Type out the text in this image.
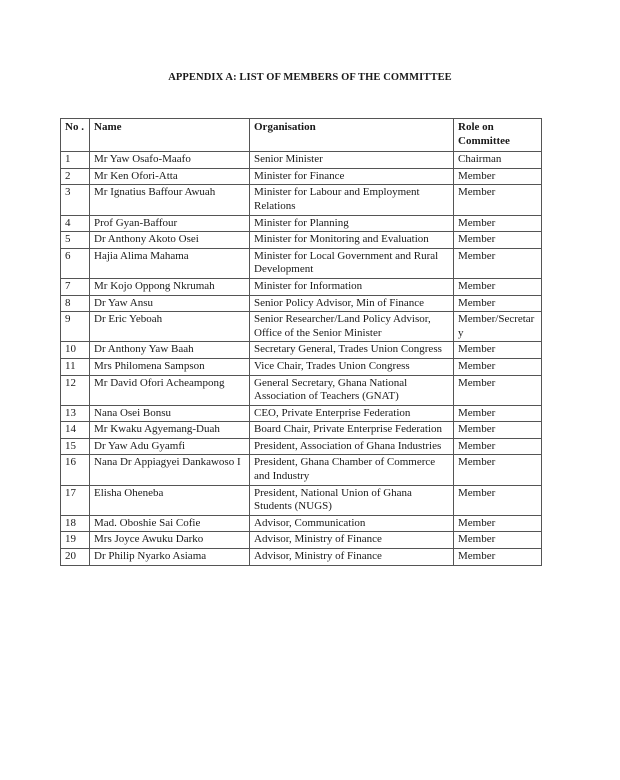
APPENDIX A: LIST OF MEMBERS OF THE COMMITTEE
No .	Name	Organisation	Role on Committee
1	Mr Yaw Osafo-Maafo	Senior Minister	Chairman
2	Mr Ken Ofori-Atta	Minister for Finance	Member
3	Mr Ignatius Baffour Awuah	Minister for Labour and Employment Relations	Member
4	Prof Gyan-Baffour	Minister for Planning	Member
5	Dr Anthony Akoto Osei	Minister for Monitoring and Evaluation	Member
6	Hajia Alima Mahama	Minister for Local Government and Rural Development	Member
7	Mr Kojo Oppong Nkrumah	Minister for Information	Member
8	Dr Yaw Ansu	Senior Policy Advisor, Min of Finance	Member
9	Dr Eric Yeboah	Senior Researcher/Land Policy Advisor, Office of the Senior Minister	Member/Secretary
10	Dr Anthony Yaw Baah	Secretary General, Trades Union Congress	Member
11	Mrs Philomena Sampson	Vice Chair, Trades Union Congress	Member
12	Mr David Ofori Acheampong	General Secretary, Ghana National Association of Teachers (GNAT)	Member
13	Nana Osei Bonsu	CEO, Private Enterprise Federation	Member
14	Mr Kwaku Agyemang-Duah	Board Chair, Private Enterprise Federation	Member
15	Dr Yaw Adu Gyamfi	President, Association of Ghana Industries	Member
16	Nana Dr Appiagyei Dankawoso I	President, Ghana Chamber of Commerce and Industry	Member
17	Elisha Oheneba	President, National Union of Ghana Students (NUGS)	Member
18	Mad. Oboshie Sai Cofie	Advisor, Communication	Member
19	Mrs Joyce Awuku Darko	Advisor, Ministry of Finance	Member
20	Dr Philip Nyarko Asiama	Advisor, Ministry of Finance	Member
